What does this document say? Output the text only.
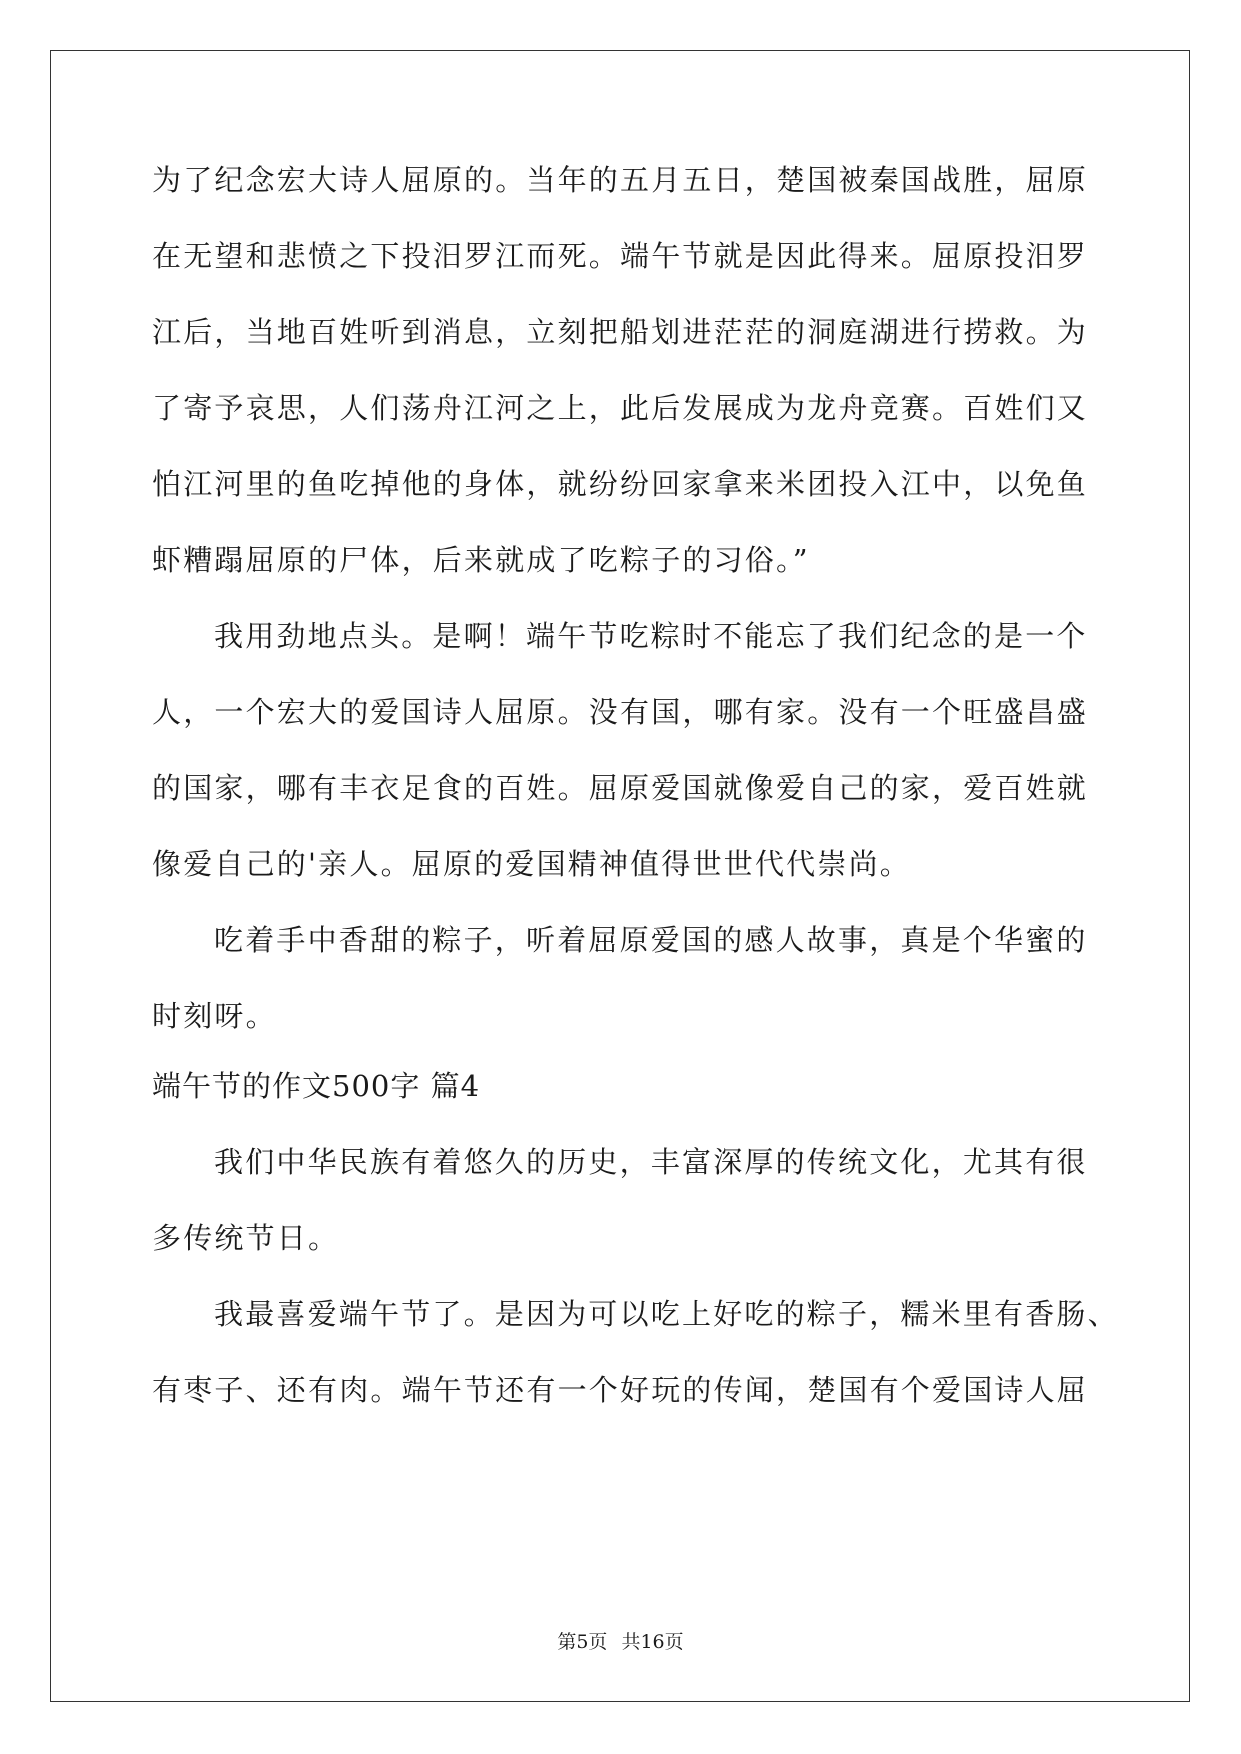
为了纪念宏大诗人屈原的。当年的五月五日，楚国被秦国战胜，屈原
在无望和悲愤之下投汨罗江而死。端午节就是因此得来。屈原投汨罗
江后，当地百姓听到消息，立刻把船划进茫茫的洞庭湖进行捞救。为
了寄予哀思，人们荡舟江河之上，此后发展成为龙舟竞赛。百姓们又
怕江河里的鱼吃掉他的身体，就纷纷回家拿来米团投入江中，以免鱼
虾糟蹋屈原的尸体，后来就成了吃粽子的习俗。”
我用劲地点头。是啊！端午节吃粽时不能忘了我们纪念的是一个
人，一个宏大的爱国诗人屈原。没有国，哪有家。没有一个旺盛昌盛
的国家，哪有丰衣足食的百姓。屈原爱国就像爱自己的家，爱百姓就
像爱自己的'亲人。屈原的爱国精神值得世世代代崇尚。
吃着手中香甜的粽子，听着屈原爱国的感人故事，真是个华蜜的
时刻呀。
端午节的作文500字 篇4
我们中华民族有着悠久的历史，丰富深厚的传统文化，尤其有很
多传统节日。
我最喜爱端午节了。是因为可以吃上好吃的粽子，糯米里有香肠、
有枣子、还有肉。端午节还有一个好玩的传闻，楚国有个爱国诗人屈
第5页 共16页
